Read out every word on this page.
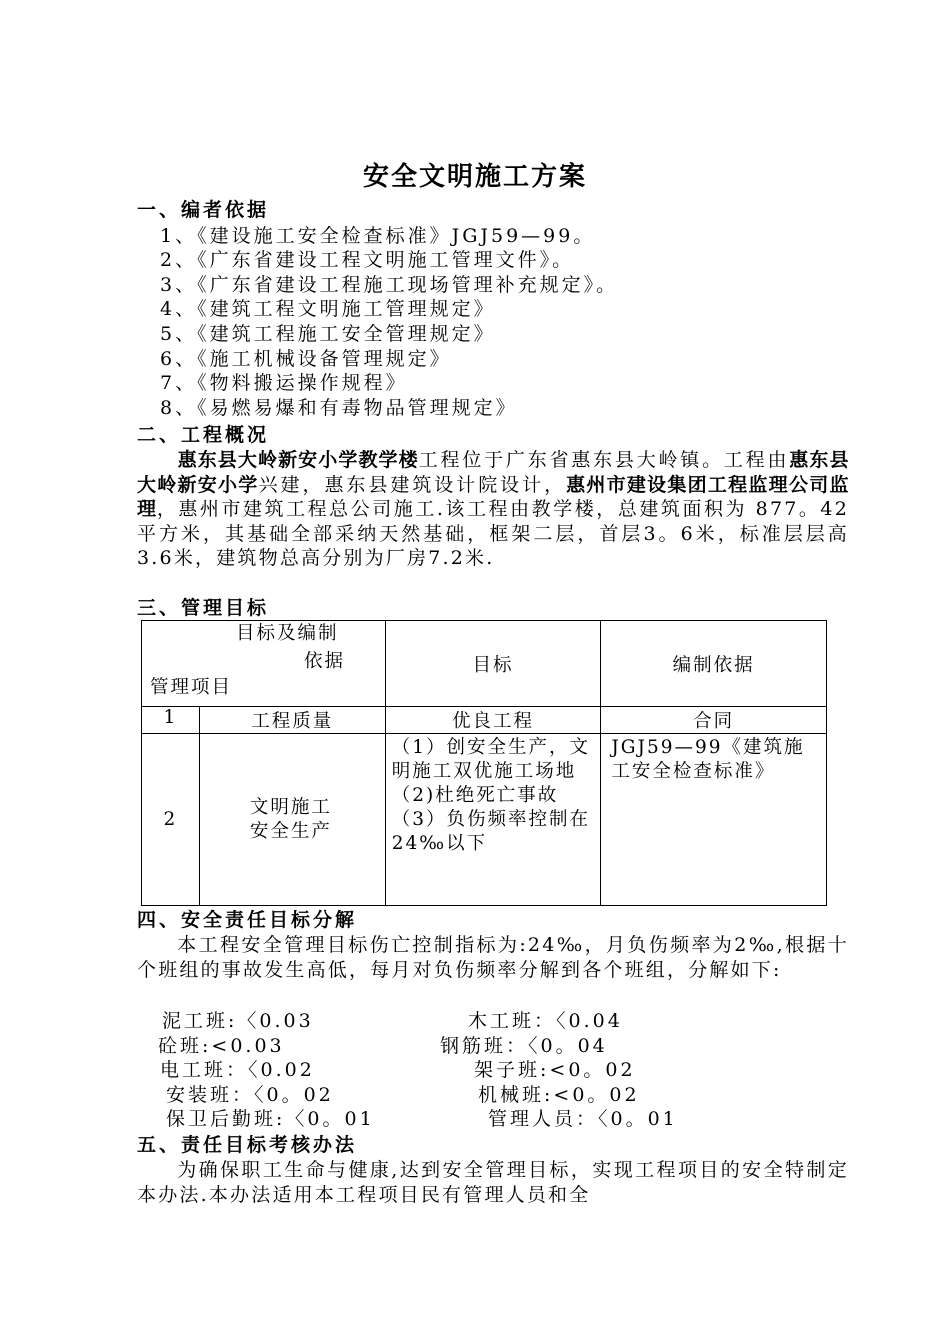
安全文明施工方案
一、编者依据
1、《建设施工安全检查标准》JGJ59—99。
2、《广东省建设工程文明施工管理文件》。
3、《广东省建设工程施工现场管理补充规定》。
4、《建筑工程文明施工管理规定》
5、《建筑工程施工安全管理规定》
6、《施工机械设备管理规定》
7、《物料搬运操作规程》
8、《易燃易爆和有毒物品管理规定》
二、工程概况
惠东县大岭新安小学教学楼工程位于广东省惠东县大岭镇。工程由惠东县大岭新安小学兴建，惠东县建筑设计院设计，惠州市建设集团工程监理公司监理，惠州市建筑工程总公司施工.该工程由教学楼，总建筑面积为 877。42平方米，其基础全部采纳天然基础，框架二层，首层3。6米，标准层层高3.6米，建筑物总高分别为厂房7.2米.
三、管理目标
目标及编制
依据
管理项目		目标	编制依据
1	工程质量	优良工程	合同
2	文明施工安全生产	（1）创安全生产，文明施工双优施工场地（2)杜绝死亡事故（3）负伤频率控制在24‰以下	JGJ59—99《建筑施工安全检查标准》
四、安全责任目标分解
本工程安全管理目标伤亡控制指标为:24‰，月负伤频率为2‰,根据十个班组的事故发生高低，每月对负伤频率分解到各个班组，分解如下:
泥工班:〈0.03	木工班：〈0.04
砼班:<0.03	钢筋班：〈0。04
电工班：〈0.02	架子班:<0。02
安装班：〈0。02	机械班:<0。02
保卫后勤班:〈0。01	管理人员：〈0。01
五、责任目标考核办法
为确保职工生命与健康,达到安全管理目标，实现工程项目的安全特制定本办法.本办法适用本工程项目民有管理人员和全
